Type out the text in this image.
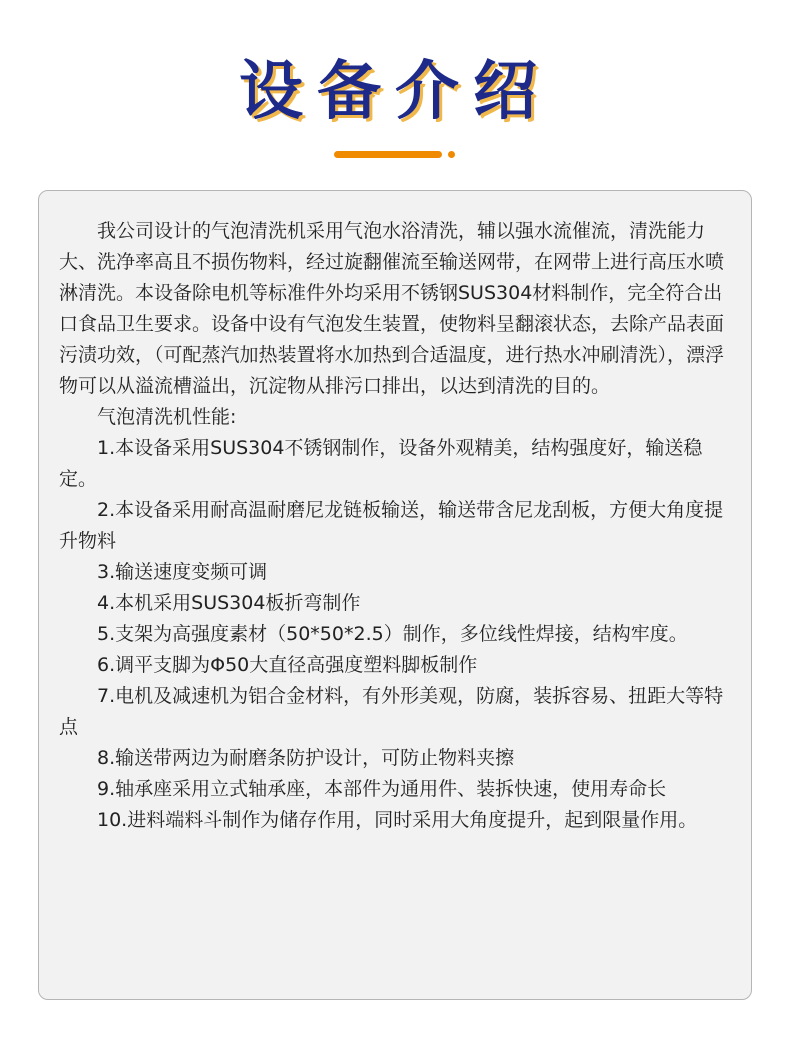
设备介绍

我公司设计的气泡清洗机采用气泡水浴清洗，辅以强水流催流，清洗能力大、洗净率高且不损伤物料，经过旋翻催流至输送网带，在网带上进行高压水喷淋清洗。本设备除电机等标准件外均采用不锈钢SUS304材料制作，完全符合出口食品卫生要求。设备中设有气泡发生装置，使物料呈翻滚状态，去除产品表面污渍功效，（可配蒸汽加热装置将水加热到合适温度，进行热水冲刷清洗），漂浮物可以从溢流槽溢出，沉淀物从排污口排出，以达到清洗的目的。

气泡清洗机性能:

1.本设备采用SUS304不锈钢制作，设备外观精美，结构强度好，输送稳定。

2.本设备采用耐高温耐磨尼龙链板输送，输送带含尼龙刮板，方便大角度提升物料

3.输送速度变频可调

4.本机采用SUS304板折弯制作

5.支架为高强度素材（50*50*2.5）制作，多位线性焊接，结构牢度。

6.调平支脚为Φ50大直径高强度塑料脚板制作

7.电机及减速机为铝合金材料，有外形美观，防腐，装拆容易、扭距大等特点

8.输送带两边为耐磨条防护设计，可防止物料夹擦

9.轴承座采用立式轴承座，本部件为通用件、装拆快速，使用寿命长

10.进料端料斗制作为储存作用，同时采用大角度提升，起到限量作用。
